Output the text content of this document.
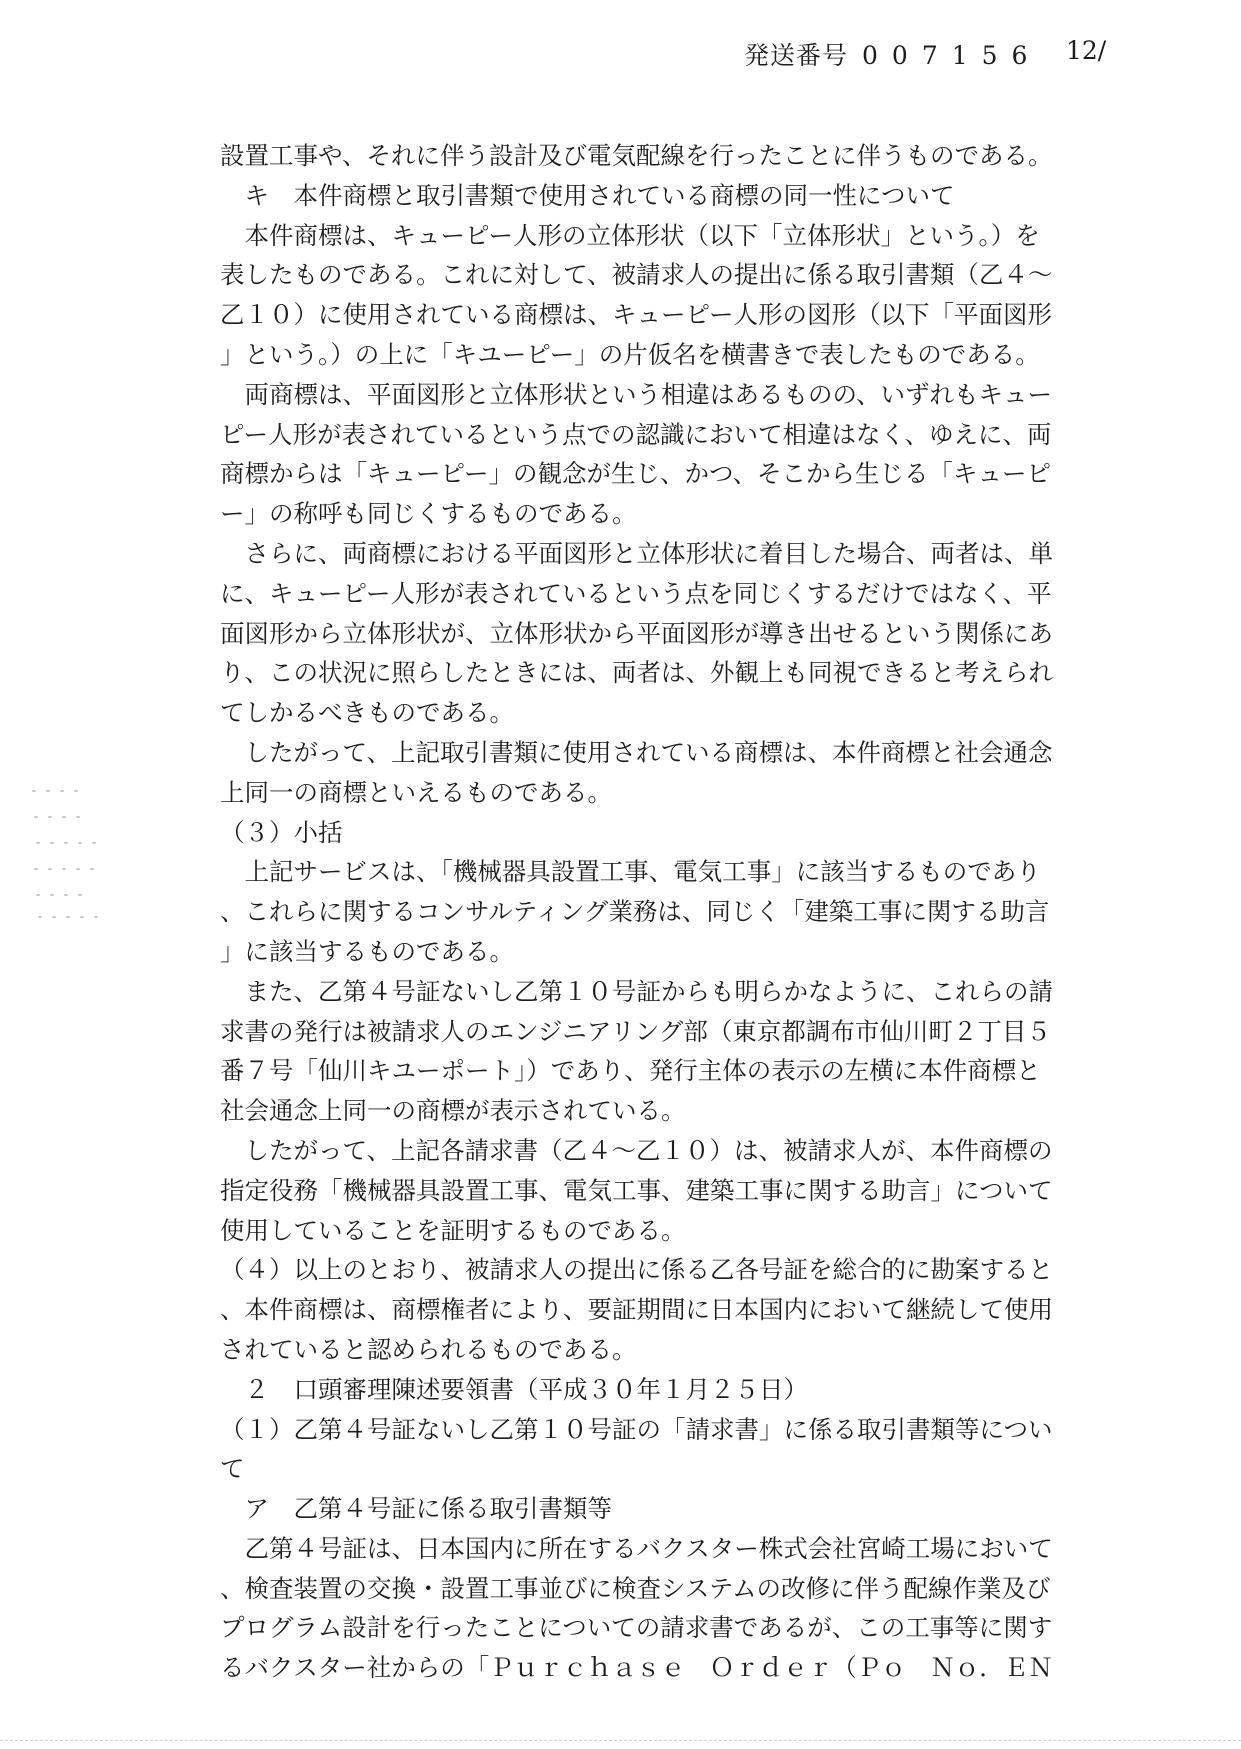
発送番号 007156 12/
設置工事や、それに伴う設計及び電気配線を行ったことに伴うものである。
　キ　本件商標と取引書類で使用されている商標の同一性について
　本件商標は、キューピー人形の立体形状（以下「立体形状」という。）を
表したものである。これに対して、被請求人の提出に係る取引書類（乙４～
乙１０）に使用されている商標は、キューピー人形の図形（以下「平面図形
」という。）の上に「キユーピー」の片仮名を横書きで表したものである。
　両商標は、平面図形と立体形状という相違はあるものの、いずれもキュー
ピー人形が表されているという点での認識において相違はなく、ゆえに、両
商標からは「キューピー」の観念が生じ、かつ、そこから生じる「キューピ
ー」の称呼も同じくするものである。
　さらに、両商標における平面図形と立体形状に着目した場合、両者は、単
に、キューピー人形が表されているという点を同じくするだけではなく、平
面図形から立体形状が、立体形状から平面図形が導き出せるという関係にあ
り、この状況に照らしたときには、両者は、外観上も同視できると考えられ
てしかるべきものである。
　したがって、上記取引書類に使用されている商標は、本件商標と社会通念
上同一の商標といえるものである。
（３）小括
　上記サービスは、「機械器具設置工事、電気工事」に該当するものであり
、これらに関するコンサルティング業務は、同じく「建築工事に関する助言
」に該当するものである。
　また、乙第４号証ないし乙第１０号証からも明らかなように、これらの請
求書の発行は被請求人のエンジニアリング部（東京都調布市仙川町２丁目５
番７号「仙川キユーポート」）であり、発行主体の表示の左横に本件商標と
社会通念上同一の商標が表示されている。
　したがって、上記各請求書（乙４～乙１０）は、被請求人が、本件商標の
指定役務「機械器具設置工事、電気工事、建築工事に関する助言」について
使用していることを証明するものである。
（４）以上のとおり、被請求人の提出に係る乙各号証を総合的に勘案すると
、本件商標は、商標権者により、要証期間に日本国内において継続して使用
されていると認められるものである。
　２　口頭審理陳述要領書（平成３０年１月２５日）
（１）乙第４号証ないし乙第１０号証の「請求書」に係る取引書類等につい
て
　ア　乙第４号証に係る取引書類等
　乙第４号証は、日本国内に所在するバクスター株式会社宮崎工場において
、検査装置の交換・設置工事並びに検査システムの改修に伴う配線作業及び
プログラム設計を行ったことについての請求書であるが、この工事等に関す
るバクスター社からの「Ｐｕｒｃｈａｓｅ　Ｏｒｄｅｒ（Ｐｏ　Ｎｏ．ＥＮ
